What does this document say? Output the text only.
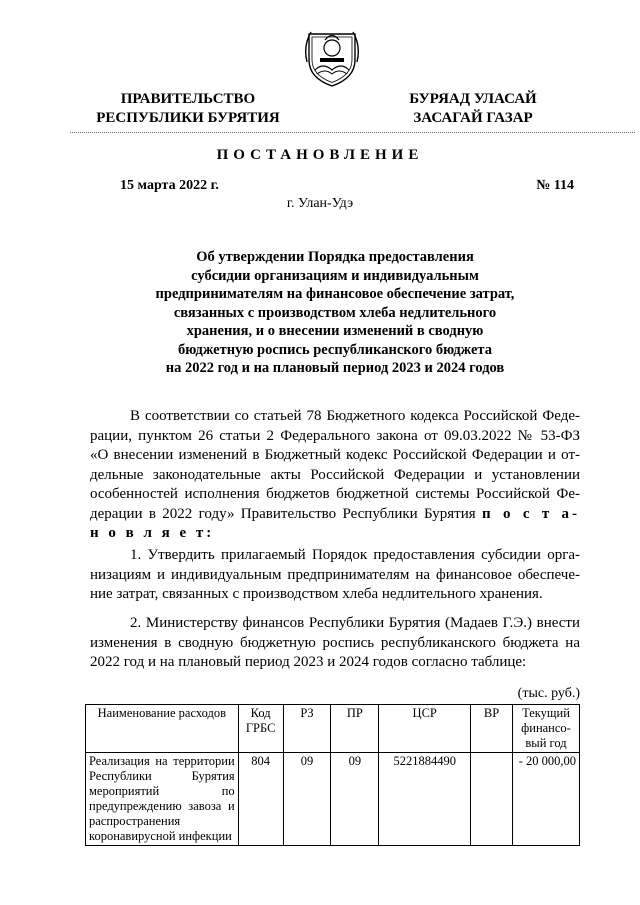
ПРАВИТЕЛЬСТВО
РЕСПУБЛИКИ БУРЯТИЯ
БУРЯАД УЛАСАЙ
ЗАСАГАЙ ГАЗАР
ПОСТАНОВЛЕНИЕ
15 марта 2022 г.	№ 114
г. Улан-Удэ
Об утверждении Порядка предоставления
субсидии организациям и индивидуальным
предпринимателям на финансовое обеспечение затрат,
связанных с производством хлеба недлительного
хранения, и о внесении изменений в сводную
бюджетную роспись республиканского бюджета
на 2022 год и на плановый период 2023 и 2024 годов
В соответствии со статьей 78 Бюджетного кодекса Российской Феде-
рации, пунктом 26 статьи 2 Федерального закона от 09.03.2022 № 53-ФЗ
«О внесении изменений в Бюджетный кодекс Российской Федерации и от-
дельные законодательные акты Российской Федерации и установлении
особенностей исполнения бюджетов бюджетной системы Российской Фе-
дерации в 2022 году» Правительство Республики Бурятия п о с т а-
н о в л я е т:
1. Утвердить прилагаемый Порядок предоставления субсидии орга-
низациям и индивидуальным предпринимателям на финансовое обеспече-
ние затрат, связанных с производством хлеба недлительного хранения.
2. Министерству финансов Республики Бурятия (Мадаев Г.Э.) внести
изменения в сводную бюджетную роспись республиканского бюджета на
2022 год и на плановый период 2023 и 2024 годов согласно таблице:
(тыс. руб.)
Наименование расходов	Код ГРБС	РЗ	ПР	ЦСР	ВР	Текущий финансо-вый год
Реализация на территории Республики Бурятия мероприятий по предупреждению завоза и распространения коронавирусной инфекции	804	09	09	5221884490		- 20 000,00
